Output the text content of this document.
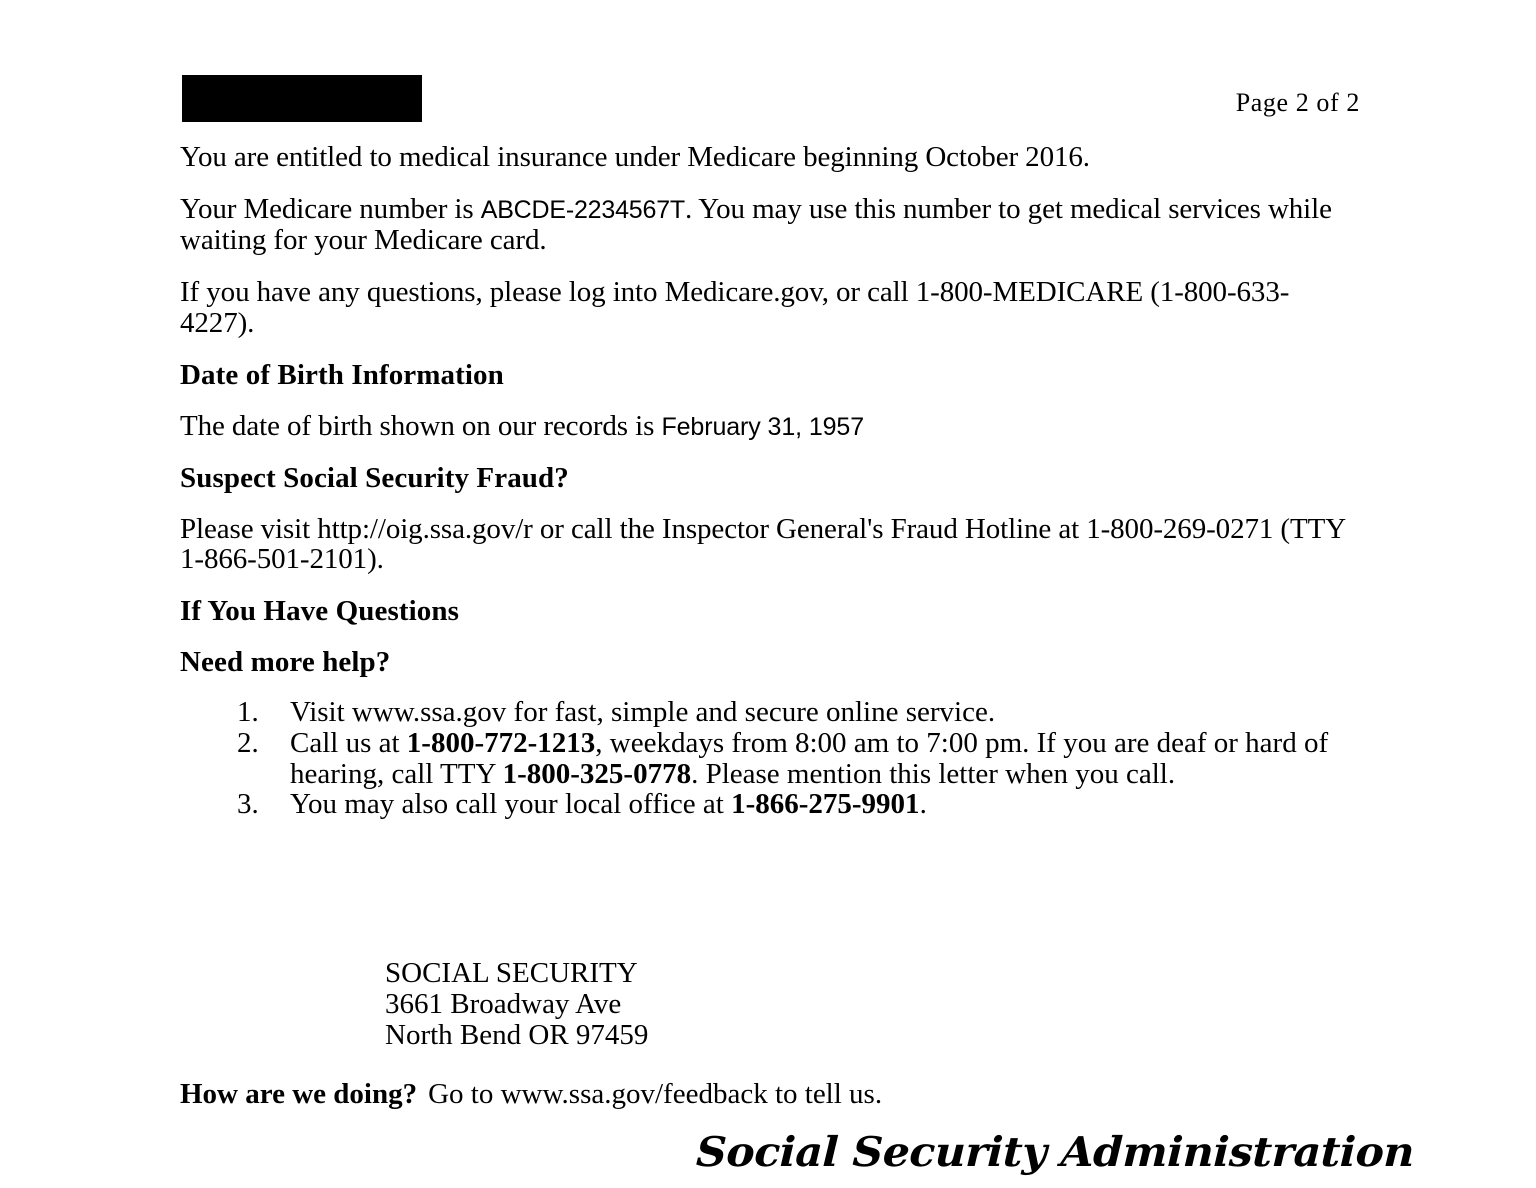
Page 2 of 2

You are entitled to medical insurance under Medicare beginning October 2016.

Your Medicare number is ABCDE-2234567T. You may use this number to get medical services while waiting for your Medicare card.

If you have any questions, please log into Medicare.gov, or call 1-800-MEDICARE (1-800-633-4227).

Date of Birth Information

The date of birth shown on our records is February 31, 1957

Suspect Social Security Fraud?

Please visit http://oig.ssa.gov/r or call the Inspector General's Fraud Hotline at 1-800-269-0271 (TTY 1-866-501-2101).

If You Have Questions
Need more help?
1.	Visit www.ssa.gov for fast, simple and secure online service.
2.	Call us at 1-800-772-1213, weekdays from 8:00 am to 7:00 pm. If you are deaf or hard of hearing, call TTY 1-800-325-0778. Please mention this letter when you call.
3.	You may also call your local office at 1-866-275-9901.
SOCIAL SECURITY
3661 Broadway Ave
North Bend OR 97459
How are we doing? Go to www.ssa.gov/feedback to tell us.
Social Security Administration
